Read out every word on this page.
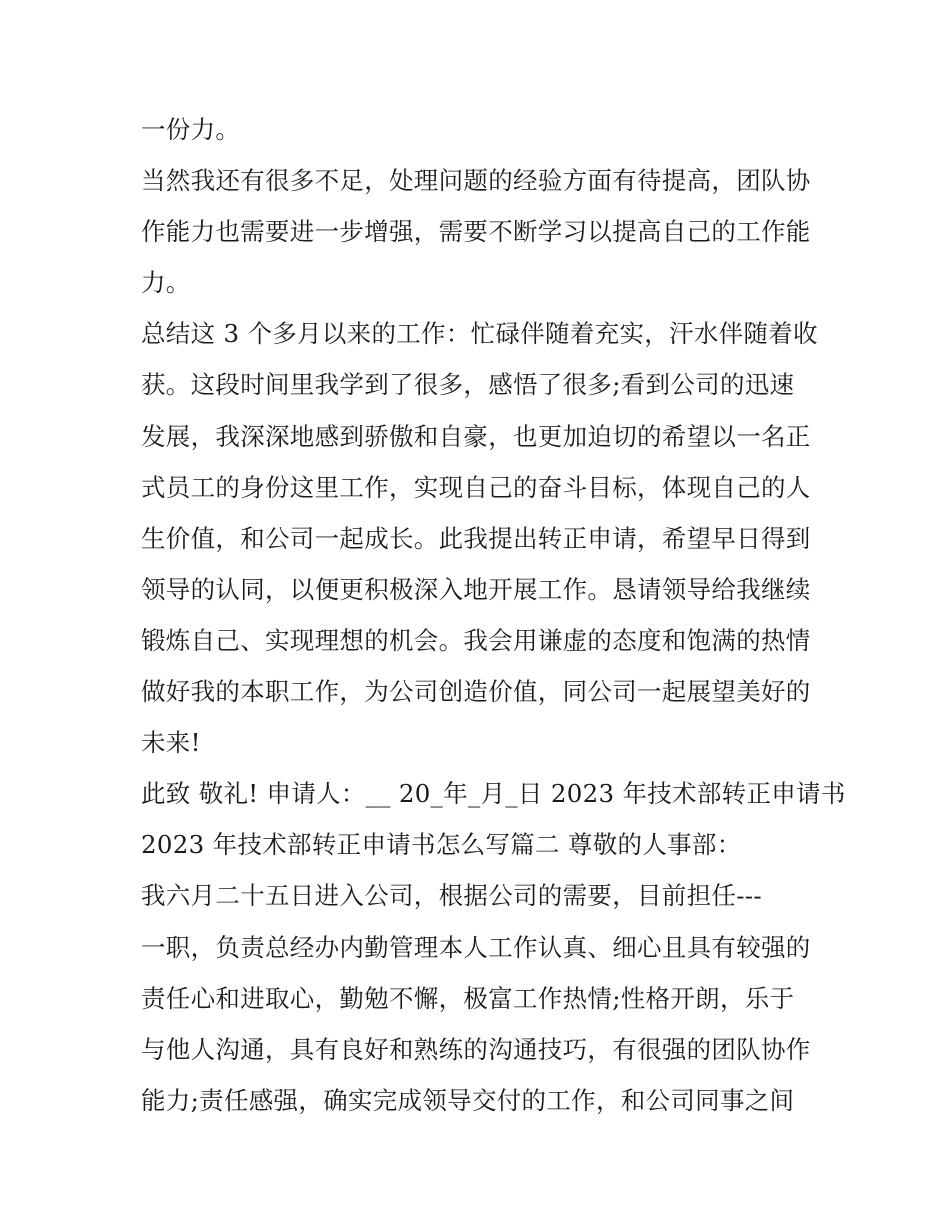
一份力。
当然我还有很多不足，处理问题的经验方面有待提高，团队协
作能力也需要进一步增强，需要不断学习以提高自己的工作能
力。
总结这 3 个多月以来的工作：忙碌伴随着充实，汗水伴随着收
获。这段时间里我学到了很多，感悟了很多;看到公司的迅速
发展，我深深地感到骄傲和自豪，也更加迫切的希望以一名正
式员工的身份这里工作，实现自己的奋斗目标，体现自己的人
生价值，和公司一起成长。此我提出转正申请，希望早日得到
领导的认同，以便更积极深入地开展工作。恳请领导给我继续
锻炼自己、实现理想的机会。我会用谦虚的态度和饱满的热情
做好我的本职工作，为公司创造价值，同公司一起展望美好的
未来!
此致 敬礼! 申请人：__ 20_年_月_日 2023 年技术部转正申请书
2023 年技术部转正申请书怎么写篇二 尊敬的人事部：
我六月二十五日进入公司，根据公司的需要，目前担任---
一职，负责总经办内勤管理本人工作认真、细心且具有较强的
责任心和进取心，勤勉不懈，极富工作热情;性格开朗，乐于
与他人沟通，具有良好和熟练的沟通技巧，有很强的团队协作
能力;责任感强，确实完成领导交付的工作，和公司同事之间
